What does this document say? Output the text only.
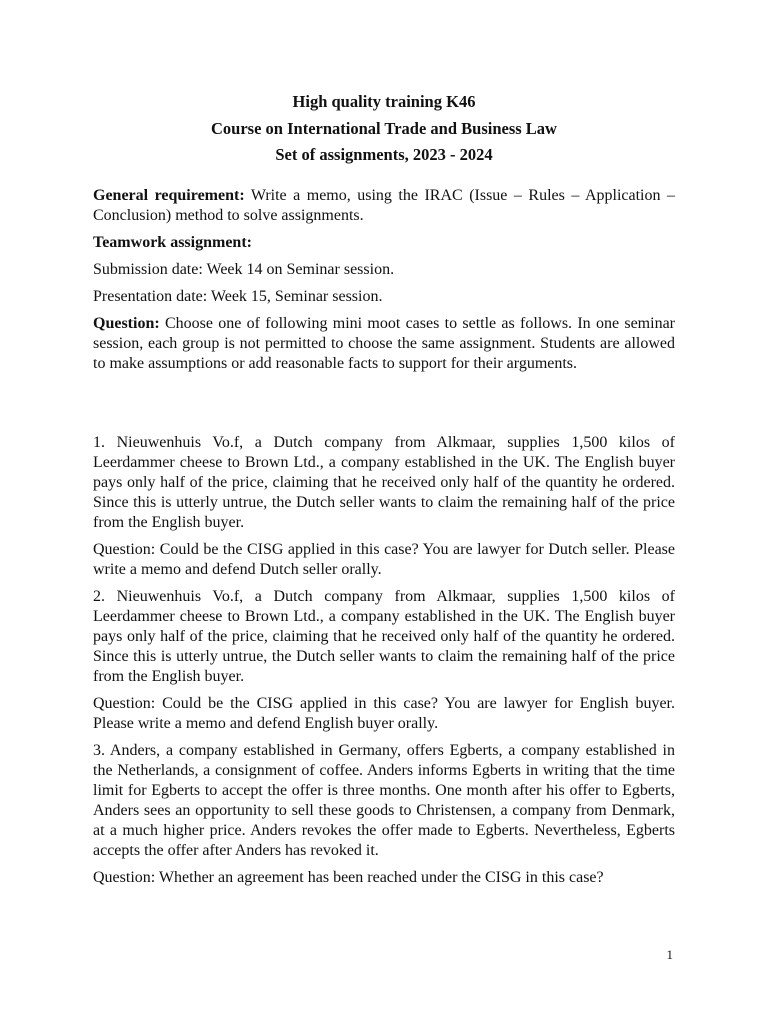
High quality training K46
Course on International Trade and Business Law
Set of assignments, 2023 - 2024

General requirement: Write a memo, using the IRAC (Issue – Rules – Application – Conclusion) method to solve assignments.

Teamwork assignment:

Submission date: Week 14 on Seminar session.

Presentation date: Week 15, Seminar session.

Question: Choose one of following mini moot cases to settle as follows. In one seminar session, each group is not permitted to choose the same assignment. Students are allowed to make assumptions or add reasonable facts to support for their arguments.

1. Nieuwenhuis Vo.f, a Dutch company from Alkmaar, supplies 1,500 kilos of Leerdammer cheese to Brown Ltd., a company established in the UK. The English buyer pays only half of the price, claiming that he received only half of the quantity he ordered. Since this is utterly untrue, the Dutch seller wants to claim the remaining half of the price from the English buyer.

Question: Could be the CISG applied in this case? You are lawyer for Dutch seller. Please write a memo and defend Dutch seller orally.

2. Nieuwenhuis Vo.f, a Dutch company from Alkmaar, supplies 1,500 kilos of Leerdammer cheese to Brown Ltd., a company established in the UK. The English buyer pays only half of the price, claiming that he received only half of the quantity he ordered. Since this is utterly untrue, the Dutch seller wants to claim the remaining half of the price from the English buyer.

Question: Could be the CISG applied in this case? You are lawyer for English buyer. Please write a memo and defend English buyer orally.

3. Anders, a company established in Germany, offers Egberts, a company established in the Netherlands, a consignment of coffee. Anders informs Egberts in writing that the time limit for Egberts to accept the offer is three months. One month after his offer to Egberts, Anders sees an opportunity to sell these goods to Christensen, a company from Denmark, at a much higher price. Anders revokes the offer made to Egberts. Nevertheless, Egberts accepts the offer after Anders has revoked it.

Question: Whether an agreement has been reached under the CISG in this case?

1
